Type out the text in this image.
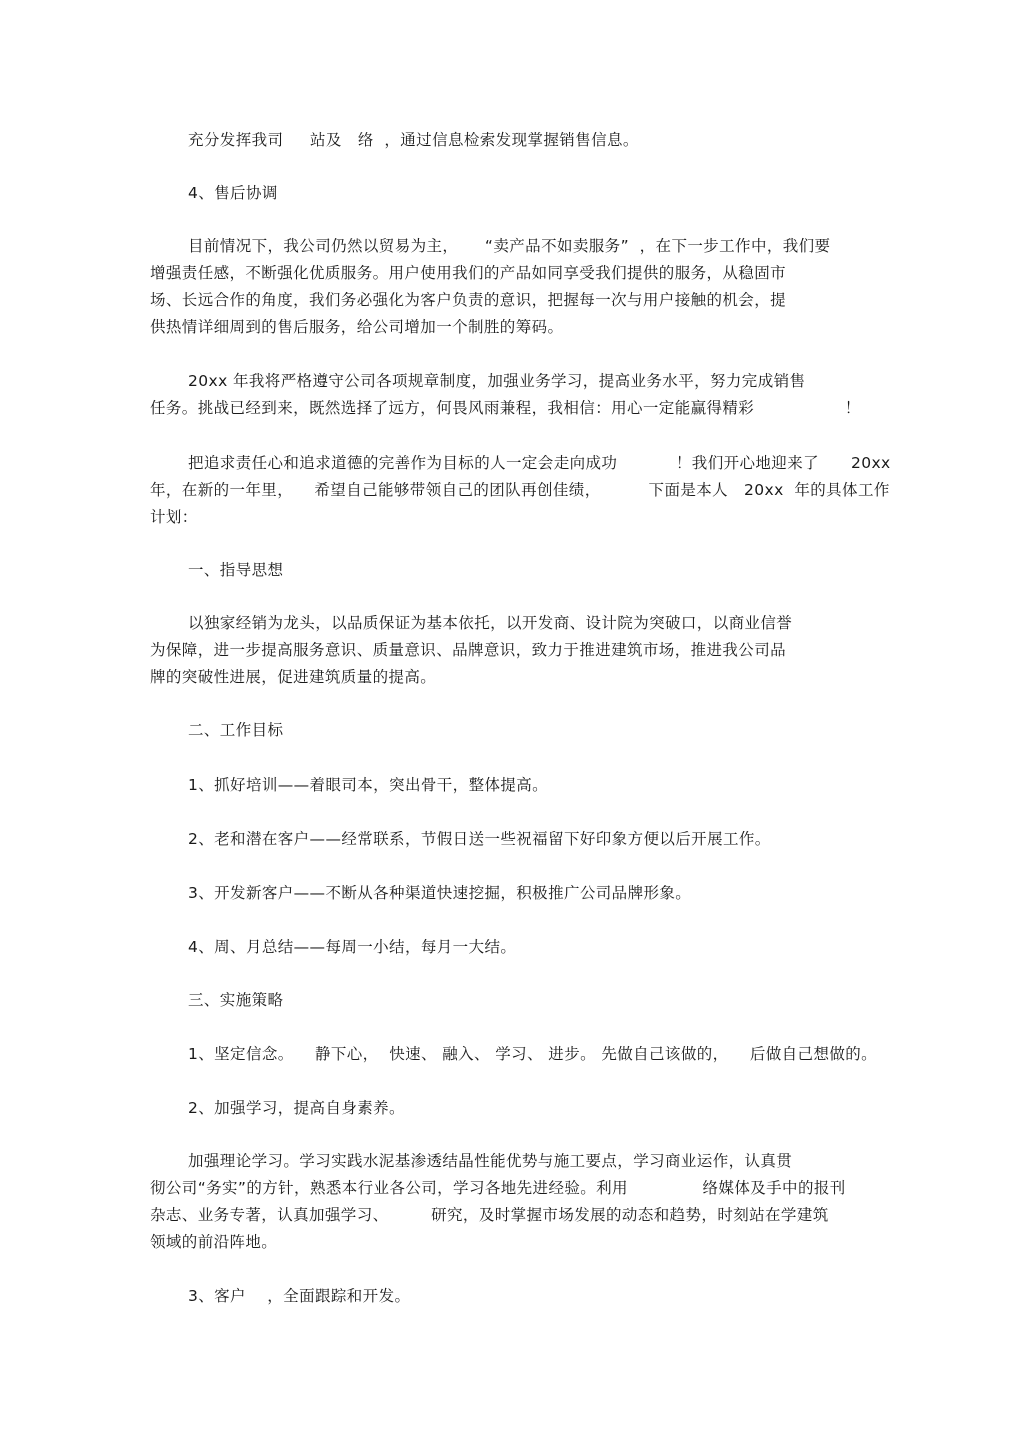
充分发挥我司     站及   络  ，通过信息检索发现掌握销售信息。
4、售后协调
目前情况下，我公司仍然以贸易为主，     “卖产品不如卖服务”  ，在下一步工作中，我们要
增强责任感，不断强化优质服务。用户使用我们的产品如同享受我们提供的服务，从稳固市
场、长远合作的角度，我们务必强化为客户负责的意识，把握每一次与用户接触的机会，提
供热情详细周到的售后服务，给公司增加一个制胜的筹码。
20xx 年我将严格遵守公司各项规章制度，加强业务学习，提高业务水平，努力完成销售
任务。挑战已经到来，既然选择了远方，何畏风雨兼程，我相信：用心一定能赢得精彩                 ！
把追求责任心和追求道德的完善作为目标的人一定会走向成功           ！我们开心地迎来了      20xx
年，在新的一年里，    希望自己能够带领自己的团队再创佳绩，         下面是本人   20xx  年的具体工作
计划：
一、指导思想
以独家经销为龙头，以品质保证为基本依托，以开发商、设计院为突破口，以商业信誉
为保障，进一步提高服务意识、质量意识、品牌意识，致力于推进建筑市场，推进我公司品
牌的突破性进展，促进建筑质量的提高。
二、工作目标
1、抓好培训——着眼司本，突出骨干，整体提高。
2、老和潜在客户——经常联系，节假日送一些祝福留下好印象方便以后开展工作。
3、开发新客户——不断从各种渠道快速挖掘，积极推广公司品牌形象。
4、周、月总结——每周一小结，每月一大结。
三、实施策略
1、坚定信念。    静下心，  快速、 融入、 学习、 进步。 先做自己该做的，    后做自己想做的。
2、加强学习，提高自身素养。
加强理论学习。学习实践水泥基渗透结晶性能优势与施工要点，学习商业运作，认真贯
彻公司“务实”的方针，熟悉本行业各公司，学习各地先进经验。利用              络媒体及手中的报刊
杂志、业务专著，认真加强学习、        研究，及时掌握市场发展的动态和趋势，时刻站在学建筑
领域的前沿阵地。
3、客户    ，全面跟踪和开发。
